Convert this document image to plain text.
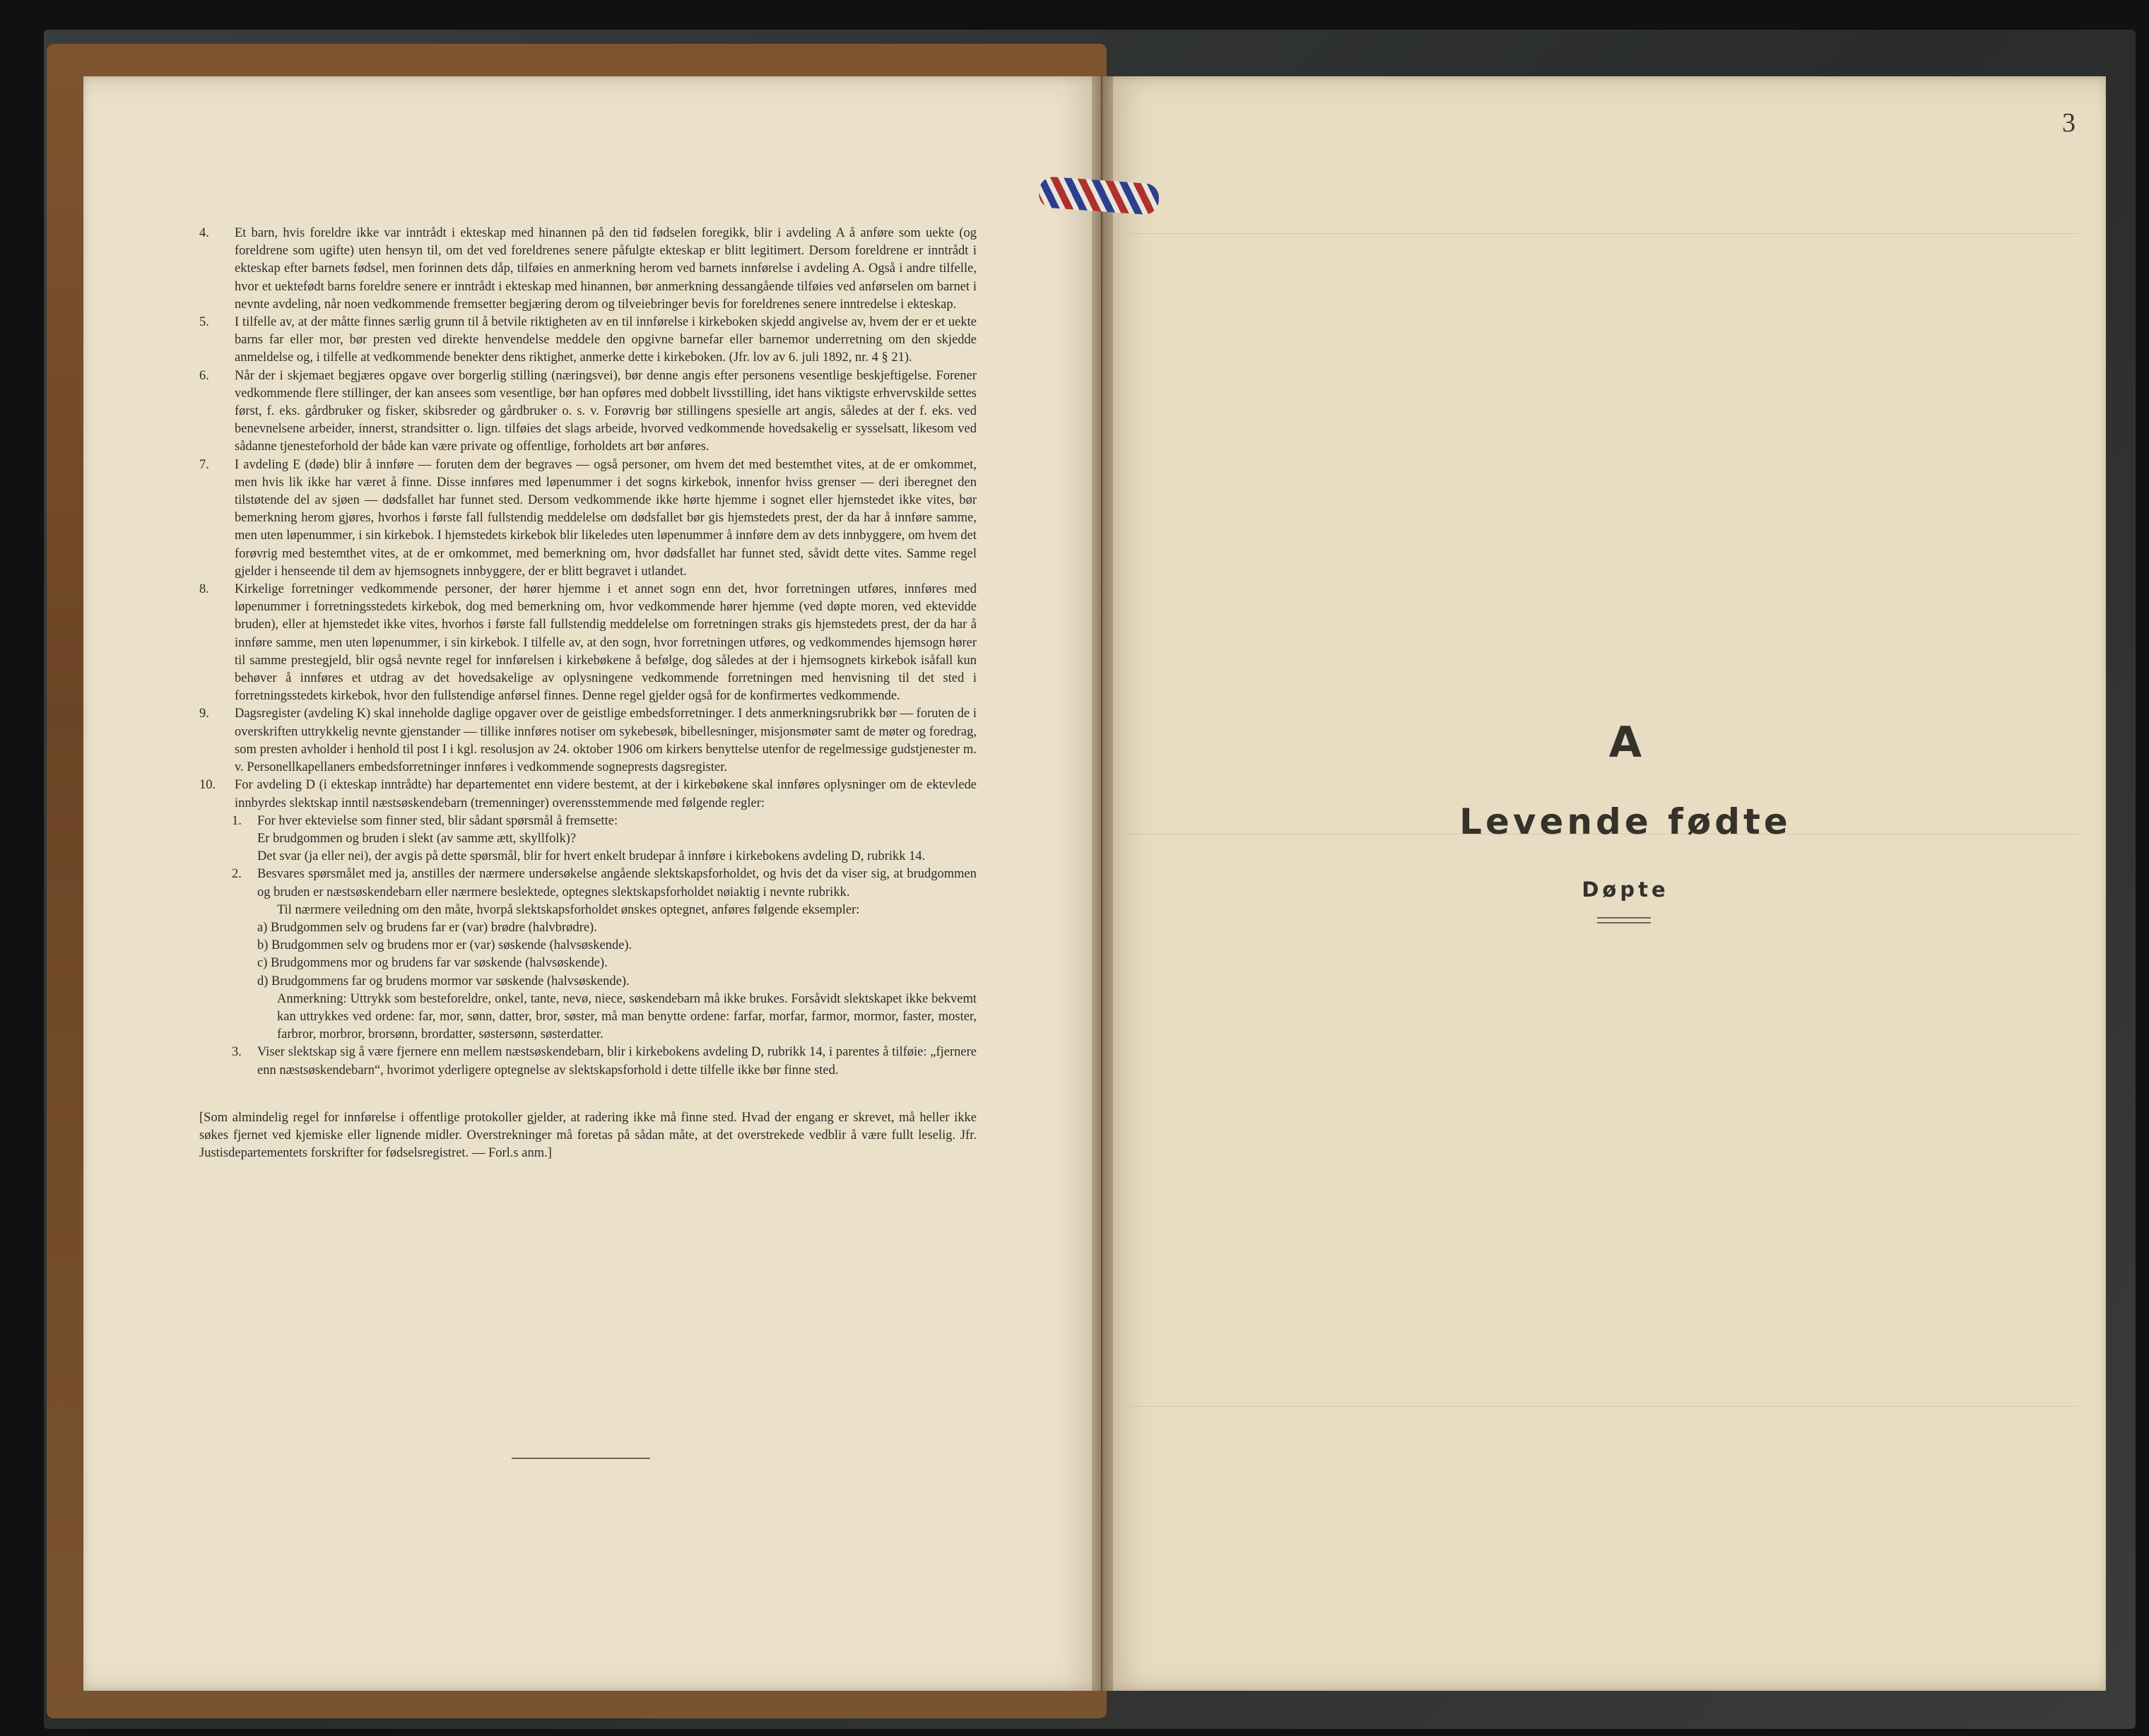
4. Et barn, hvis foreldre ikke var inntrådt i ekteskap med hinannen på den tid fødselen foregikk, blir i avdeling A å anføre som uekte (og foreldrene som ugifte) uten hensyn til, om det ved foreldrenes senere påfulgte ekteskap er blitt legitimert. Dersom foreldrene er inntrådt i ekteskap efter barnets fødsel, men forinnen dets dåp, tilføies en anmerkning herom ved barnets innførelse i avdeling A. Også i andre tilfelle, hvor et uektefødt barns foreldre senere er inntrådt i ekteskap med hinannen, bør anmerkning dessangående tilføies ved anførselen om barnet i nevnte avdeling, når noen vedkommende fremsetter begjæring derom og tilveiebringer bevis for foreldrenes senere inntredelse i ekteskap.
5. I tilfelle av, at der måtte finnes særlig grunn til å betvile riktigheten av en til innførelse i kirkeboken skjedd angivelse av, hvem der er et uekte barns far eller mor, bør presten ved direkte henvendelse meddele den opgivne barnefar eller barnemor underretning om den skjedde anmeldelse og, i tilfelle at vedkommende benekter dens riktighet, anmerke dette i kirkeboken. (Jfr. lov av 6. juli 1892, nr. 4 § 21).
6. Når der i skjemaet begjæres opgave over borgerlig stilling (næringsvei), bør denne angis efter personens vesentlige beskjeftigelse. Forener vedkommende flere stillinger, der kan ansees som vesentlige, bør han opføres med dobbelt livsstilling, idet hans viktigste erhvervskilde settes først, f. eks. gårdbruker og fisker, skibsreder og gårdbruker o. s. v. Forøvrig bør stillingens spesielle art angis, således at der f. eks. ved benevnelsene arbeider, innerst, strandsitter o. lign. tilføies det slags arbeide, hvorved vedkommende hovedsakelig er sysselsatt, likesom ved sådanne tjenesteforhold der både kan være private og offentlige, forholdets art bør anføres.
7. I avdeling E (døde) blir å innføre — foruten dem der begraves — også personer, om hvem det med bestemthet vites, at de er omkommet, men hvis lik ikke har været å finne. Disse innføres med løpenummer i det sogns kirkebok, innenfor hviss grenser — deri iberegnet den tilstøtende del av sjøen — dødsfallet har funnet sted. Dersom vedkommende ikke hørte hjemme i sognet eller hjemstedet ikke vites, bør bemerkning herom gjøres, hvorhos i første fall fullstendig meddelelse om dødsfallet bør gis hjemstedets prest, der da har å innføre samme, men uten løpenummer, i sin kirkebok. I hjemstedets kirkebok blir likeledes uten løpenummer å innføre dem av dets innbyggere, om hvem det forøvrig med bestemthet vites, at de er omkommet, med bemerkning om, hvor dødsfallet har funnet sted, såvidt dette vites. Samme regel gjelder i henseende til dem av hjemsognets innbyggere, der er blitt begravet i utlandet.
8. Kirkelige forretninger vedkommende personer, der hører hjemme i et annet sogn enn det, hvor forretningen utføres, innføres med løpenummer i forretningsstedets kirkebok, dog med bemerkning om, hvor vedkommende hører hjemme (ved døpte moren, ved ektevidde bruden), eller at hjemstedet ikke vites, hvorhos i første fall fullstendig meddelelse om forretningen straks gis hjemstedets prest, der da har å innføre samme, men uten løpenummer, i sin kirkebok. I tilfelle av, at den sogn, hvor forretningen utføres, og vedkommendes hjemsogn hører til samme prestegjeld, blir også nevnte regel for innførelsen i kirkebøkene å befølge, dog således at der i hjemsognets kirkebok isåfall kun behøver å innføres et utdrag av det hovedsakelige av oplysningene vedkommende forretningen med henvisning til det sted i forretningsstedets kirkebok, hvor den fullstendige anførsel finnes. Denne regel gjelder også for de konfirmertes vedkommende.
9. Dagsregister (avdeling K) skal inneholde daglige opgaver over de geistlige embedsforretninger. I dets anmerkningsrubrikk bør — foruten de i overskriften uttrykkelig nevnte gjenstander — tillike innføres notiser om sykebesøk, bibellesninger, misjonsmøter samt de møter og foredrag, som presten avholder i henhold til post I i kgl. resolusjon av 24. oktober 1906 om kirkers benyttelse utenfor de regelmessige gudstjenester m. v. Personellkapellaners embedsforretninger innføres i vedkommende sogneprests dagsregister.
10. For avdeling D (i ekteskap inntrådte) har departementet enn videre bestemt, at der i kirkebøkene skal innføres oplysninger om de ektevlede innbyrdes slektskap inntil næstsøskendebarn (tremenninger) overensstemmende med følgende regler:
1. For hver ektevielse som finner sted, blir sådant spørsmål å fremsette:
Er brudgommen og bruden i slekt (av samme ætt, skyllfolk)?
Det svar (ja eller nei), der avgis på dette spørsmål, blir for hvert enkelt brudepar å innføre i kirkebokens avdeling D, rubrikk 14.
2. Besvares spørsmålet med ja, anstilles der nærmere undersøkelse angående slektskapsforholdet, og hvis det da viser sig, at brudgommen og bruden er næstsøskendebarn eller nærmere beslektede, optegnes slektskapsforholdet nøiaktig i nevnte rubrikk.
Til nærmere veiledning om den måte, hvorpå slektskapsforholdet ønskes optegnet, anføres følgende eksempler:
a) Brudgommen selv og brudens far er (var) brødre (halvbrødre).
b) Brudgommen selv og brudens mor er (var) søskende (halvsøskende).
c) Brudgommens mor og brudens far var søskende (halvsøskende).
d) Brudgommens far og brudens mormor var søskende (halvsøskende).
Anmerkning: Uttrykk som besteforeldre, onkel, tante, nevø, niece, søskendebarn må ikke brukes. Forsåvidt slektskapet ikke bekvemt kan uttrykkes ved ordene: far, mor, sønn, datter, bror, søster, må man benytte ordene: farfar, morfar, farmor, mormor, faster, moster, farbror, morbror, brorsønn, brordatter, søstersønn, søsterdatter.
3. Viser slektskap sig å være fjernere enn mellem næstsøskendebarn, blir i kirkebokens avdeling D, rubrikk 14, i parentes å tilføie: „fjernere enn næstsøskendebarn“, hvorimot yderligere optegnelse av slektskapsforhold i dette tilfelle ikke bør finne sted.
[Som almindelig regel for innførelse i offentlige protokoller gjelder, at radering ikke må finne sted. Hvad der engang er skrevet, må heller ikke søkes fjernet ved kjemiske eller lignende midler. Overstrekninger må foretas på sådan måte, at det overstrekede vedblir å være fullt leselig. Jfr. Justisdepartementets forskrifter for fødselsregistret. — Forl.s anm.]
3
A
Levende fødte
Døpte
